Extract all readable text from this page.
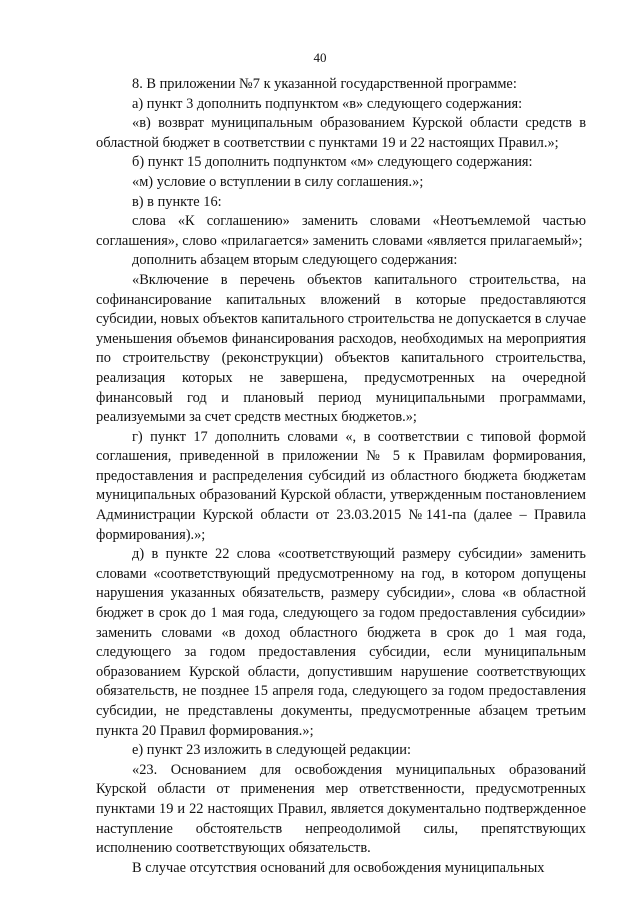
40

8. В приложении №7 к указанной государственной программе:

а) пункт 3 дополнить подпунктом «в» следующего содержания:

«в) возврат муниципальным образованием Курской области средств в областной бюджет в соответствии с пунктами 19 и 22 настоящих Правил.»;

б) пункт 15 дополнить подпунктом «м» следующего содержания:

«м) условие о вступлении в силу соглашения.»;

в) в пункте 16:

слова «К соглашению» заменить словами «Неотъемлемой частью соглашения», слово «прилагается» заменить словами «является прилагаемый»;

дополнить абзацем вторым следующего содержания:

«Включение в перечень объектов капитального строительства, на софинансирование капитальных вложений в которые предоставляются субсидии, новых объектов капитального строительства не допускается в случае уменьшения объемов финансирования расходов, необходимых на мероприятия по строительству (реконструкции) объектов капитального строительства, реализация которых не завершена, предусмотренных на очередной финансовый год и плановый период муниципальными программами, реализуемыми за счет средств местных бюджетов.»;

г) пункт 17 дополнить словами «, в соответствии с типовой формой соглашения, приведенной в приложении № 5 к Правилам формирования, предоставления и распределения субсидий из областного бюджета бюджетам муниципальных образований Курской области, утвержденным постановлением Администрации Курской области от 23.03.2015 №141-па (далее – Правила формирования).»;

д) в пункте 22 слова «соответствующий размеру субсидии» заменить словами «соответствующий предусмотренному на год, в котором допущены нарушения указанных обязательств, размеру субсидии», слова «в областной бюджет в срок до 1 мая года, следующего за годом предоставления субсидии» заменить словами «в доход областного бюджета в срок до 1 мая года, следующего за годом предоставления субсидии, если муниципальным образованием Курской области, допустившим нарушение соответствующих обязательств, не позднее 15 апреля года, следующего за годом предоставления субсидии, не представлены документы, предусмотренные абзацем третьим пункта 20 Правил формирования.»;

е) пункт 23 изложить в следующей редакции:

«23. Основанием для освобождения муниципальных образований Курской области от применения мер ответственности, предусмотренных пунктами 19 и 22 настоящих Правил, является документально подтвержденное наступление обстоятельств непреодолимой силы, препятствующих исполнению соответствующих обязательств.

В случае отсутствия оснований для освобождения муниципальных
